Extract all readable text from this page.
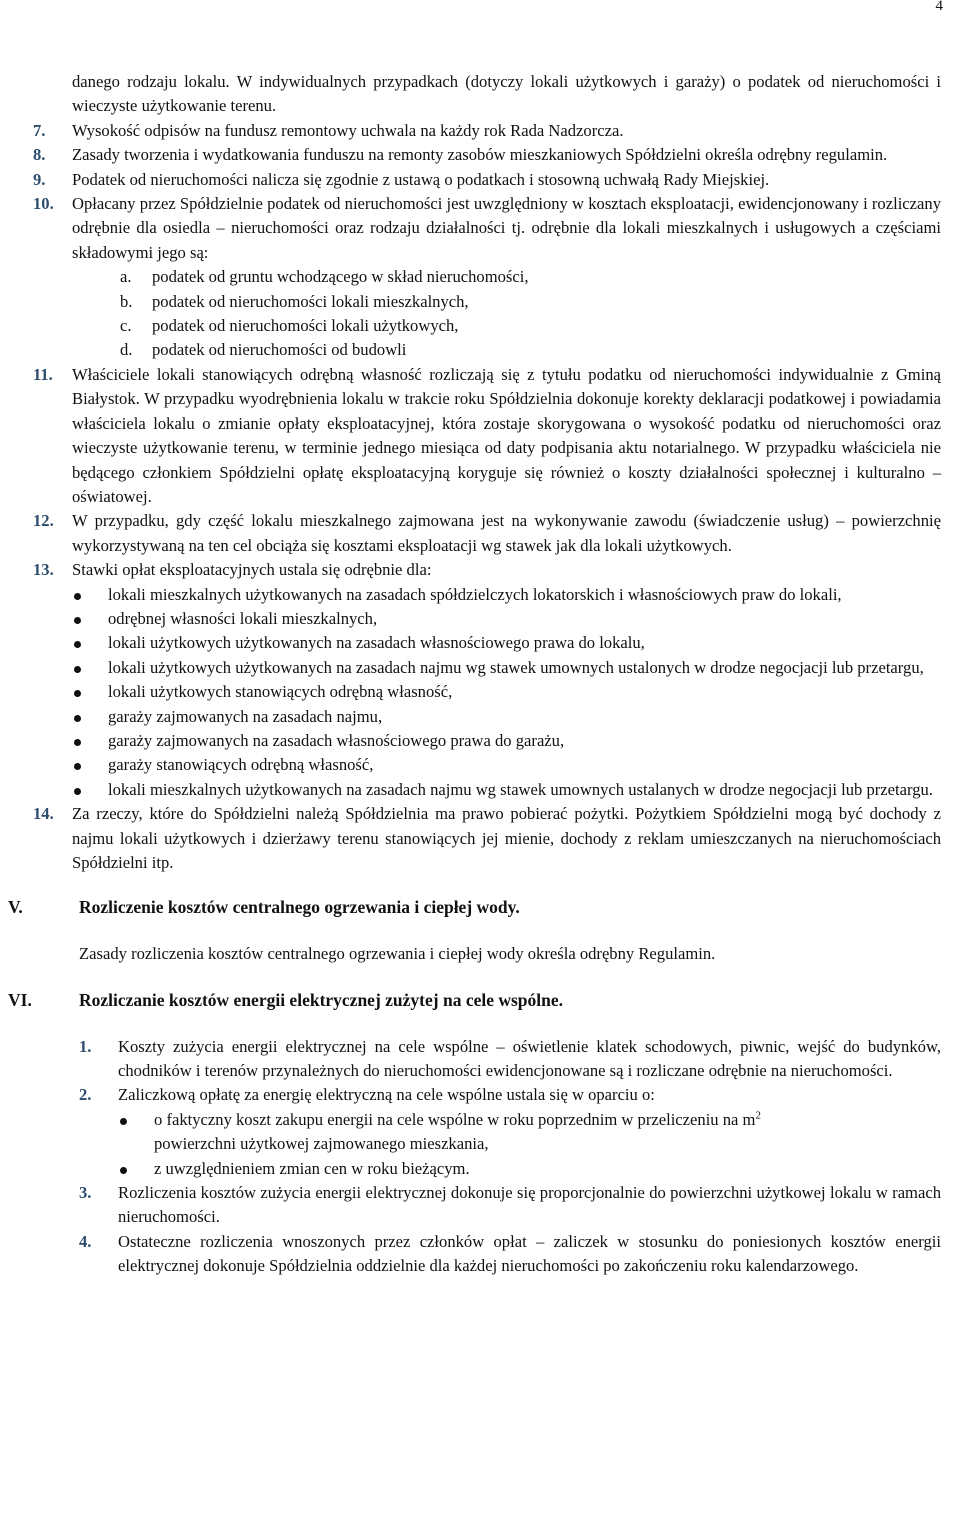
4

danego rodzaju lokalu. W indywidualnych przypadkach (dotyczy lokali użytkowych i garaży) o podatek od nieruchomości i wieczyste użytkowanie terenu.

7.	Wysokość odpisów na fundusz remontowy uchwala na każdy rok Rada Nadzorcza.

8.	Zasady tworzenia i wydatkowania funduszu na remonty zasobów mieszkaniowych Spółdzielni określa odrębny regulamin.

9.	Podatek od nieruchomości nalicza się zgodnie z ustawą o podatkach i stosowną uchwałą Rady Miejskiej.

10.	Opłacany przez Spółdzielnie podatek od nieruchomości jest uwzględniony w kosztach eksploatacji, ewidencjonowany i rozliczany odrębnie dla osiedla – nieruchomości oraz rodzaju działalności tj. odrębnie dla lokali mieszkalnych i usługowych a częściami składowymi jego są:

a.	podatek od gruntu wchodzącego w skład nieruchomości,
b.	podatek od nieruchomości lokali mieszkalnych,
c.	podatek od nieruchomości lokali użytkowych,
d.	podatek od nieruchomości od budowli
11.	Właściciele lokali stanowiących odrębną własność rozliczają się z tytułu podatku od nieruchomości indywidualnie z Gminą Białystok. W przypadku wyodrębnienia lokalu w trakcie roku Spółdzielnia dokonuje korekty deklaracji podatkowej i powiadamia właściciela lokalu o zmianie opłaty eksploatacyjnej, która zostaje skorygowana o wysokość podatku od nieruchomości oraz wieczyste użytkowanie terenu, w terminie jednego miesiąca od daty podpisania aktu notarialnego. W przypadku właściciela nie będącego członkiem Spółdzielni opłatę eksploatacyjną koryguje się również o koszty działalności społecznej i kulturalno – oświatowej.

12.	W przypadku, gdy część lokalu mieszkalnego zajmowana jest na wykonywanie zawodu (świadczenie usług) – powierzchnię wykorzystywaną na ten cel obciąża się kosztami eksploatacji wg stawek jak dla lokali użytkowych.

13.	Stawki opłat eksploatacyjnych ustala się odrębnie dla:

lokali mieszkalnych użytkowanych na zasadach spółdzielczych lokatorskich i własnościowych praw do lokali,
odrębnej własności lokali mieszkalnych,
lokali użytkowych użytkowanych na zasadach własnościowego prawa do lokalu,
lokali użytkowych użytkowanych na zasadach najmu wg stawek umownych ustalonych w drodze negocjacji lub przetargu,
lokali użytkowych stanowiących odrębną własność,
garaży zajmowanych na zasadach najmu,
garaży zajmowanych na zasadach własnościowego prawa do garażu,
garaży stanowiących odrębną własność,
lokali mieszkalnych użytkowanych na zasadach najmu wg stawek umownych ustalanych w drodze negocjacji lub przetargu.
14.	Za rzeczy, które do Spółdzielni należą Spółdzielnia ma prawo pobierać pożytki. Pożytkiem Spółdzielni mogą być dochody z najmu lokali użytkowych i dzierżawy terenu stanowiących jej mienie, dochody z reklam umieszczanych na nieruchomościach Spółdzielni itp.

V.	Rozliczenie kosztów centralnego ogrzewania i ciepłej wody.

Zasady rozliczenia kosztów centralnego ogrzewania i ciepłej wody określa odrębny Regulamin.

VI.	Rozliczanie kosztów energii elektrycznej zużytej na cele wspólne.
1.	Koszty zużycia energii elektrycznej na cele wspólne – oświetlenie klatek schodowych, piwnic, wejść do budynków, chodników i terenów przynależnych do nieruchomości ewidencjonowane są i rozliczane odrębnie na nieruchomości.

2.	Zaliczkową opłatę za energię elektryczną na cele wspólne ustala się w oparciu o:

o faktyczny koszt zakupu energii na cele wspólne w roku poprzednim w przeliczeniu na $m^2$
powierzchni użytkowej zajmowanego mieszkania,
z uwzględnieniem zmian cen w roku bieżącym.
3.	Rozliczenia kosztów zużycia energii elektrycznej dokonuje się proporcjonalnie do powierzchni użytkowej lokalu w ramach nieruchomości.

4.	Ostateczne rozliczenia wnoszonych przez członków opłat – zaliczek w stosunku do poniesionych kosztów energii elektrycznej dokonuje Spółdzielnia oddzielnie dla każdej nieruchomości po zakończeniu roku kalendarzowego.
